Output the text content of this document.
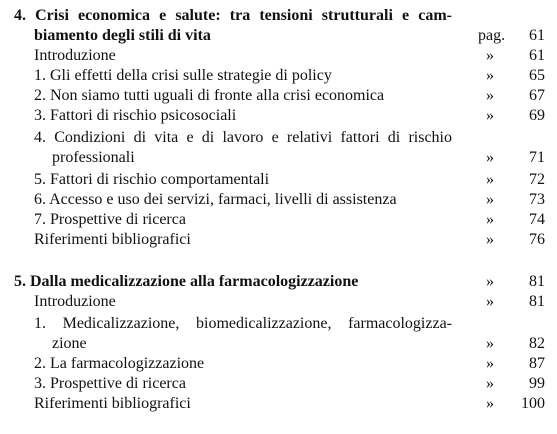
4. Crisi economica e salute: tra tensioni strutturali e cam-
biamento degli stili di vita	pag.	61
Introduzione	»	61
1. Gli effetti della crisi sulle strategie di policy	»	65
2. Non siamo tutti uguali di fronte alla crisi economica	»	67
3. Fattori di rischio psicosociali	»	69
4. Condizioni di vita e di lavoro e relativi fattori di rischio
professionali	»	71
5. Fattori di rischio comportamentali	»	72
6. Accesso e uso dei servizi, farmaci, livelli di assistenza	»	73
7. Prospettive di ricerca	»	74
Riferimenti bibliografici	»	76
5. Dalla medicalizzazione alla farmacologizzazione	»	81
Introduzione	»	81
1. Medicalizzazione, biomedicalizzazione, farmacologizza-
zione	»	82
2. La farmacologizzazione	»	87
3. Prospettive di ricerca	»	99
Riferimenti bibliografici	»	100
